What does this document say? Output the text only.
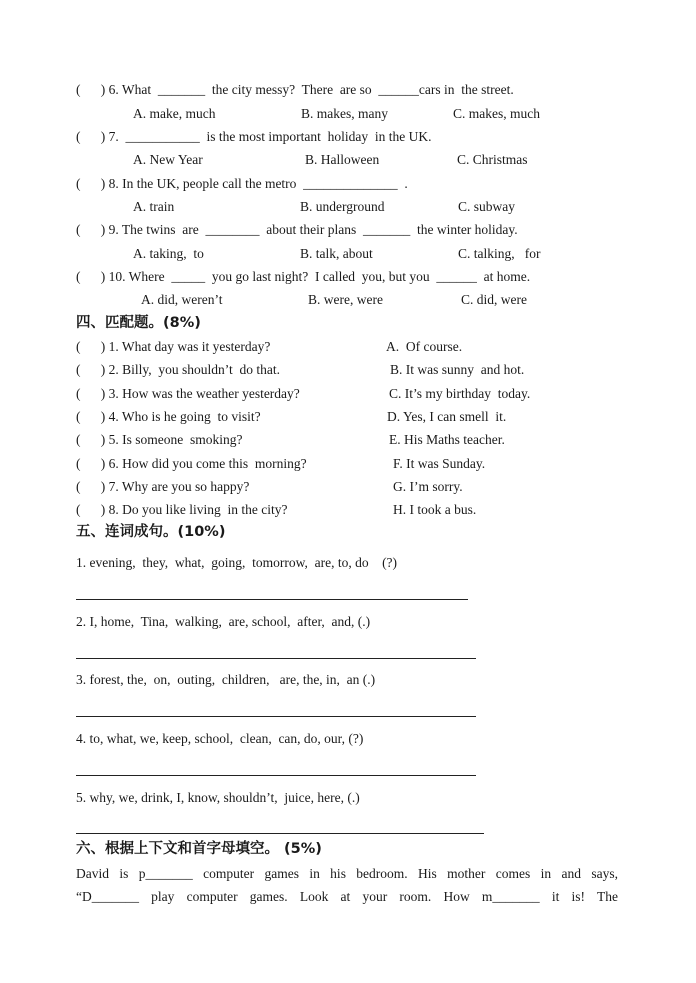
(      ) 6. What  _______  the city messy?  There  are so  ______cars in  the street.
A. make, much	B. makes, many	C. makes, much
(      ) 7.  ___________  is the most important  holiday  in the UK.
A. New Year	B. Halloween	C. Christmas
(      ) 8. In the UK, people call the metro  ______________  .
A. train	B. underground	C. subway
(      ) 9. The twins  are  ________  about their plans  _______  the winter holiday.
A. taking,  to	B. talk, about	C. talking,   for
(      ) 10. Where  _____  you go last night?  I called  you, but you  ______  at home.
A. did, weren’t	B. were, were	C. did, were
四、匹配题。(8%)
(      ) 1. What day was it yesterday?	A.  Of course.
(      ) 2. Billy,  you shouldn’t  do that.	B. It was sunny  and hot.
(      ) 3. How was the weather yesterday?	C. It’s my birthday  today.
(      ) 4. Who is he going  to visit?	D. Yes, I can smell  it.
(      ) 5. Is someone  smoking?	E. His Maths teacher.
(      ) 6. How did you come this  morning?	F. It was Sunday.
(      ) 7. Why are you so happy?	G. I’m sorry.
(      ) 8. Do you like living  in the city?	H. I took a bus.
五、连词成句。(10%)
1. evening,  they,  what,  going,  tomorrow,  are, to, do    (?)
2. I, home,  Tina,  walking,  are, school,  after,  and, (.)
3. forest, the,  on,  outing,  children,   are, the, in,  an (.)
4. to, what, we, keep, school,  clean,  can, do, our, (?)
5. why, we, drink, I, know, shouldn’t,  juice, here, (.)
六、根据上下文和首字母填空。 (5%)
David is p_______ computer games in his bedroom. His mother comes in and says,
“D_______ play computer games. Look at your room. How m_______ it is! The
